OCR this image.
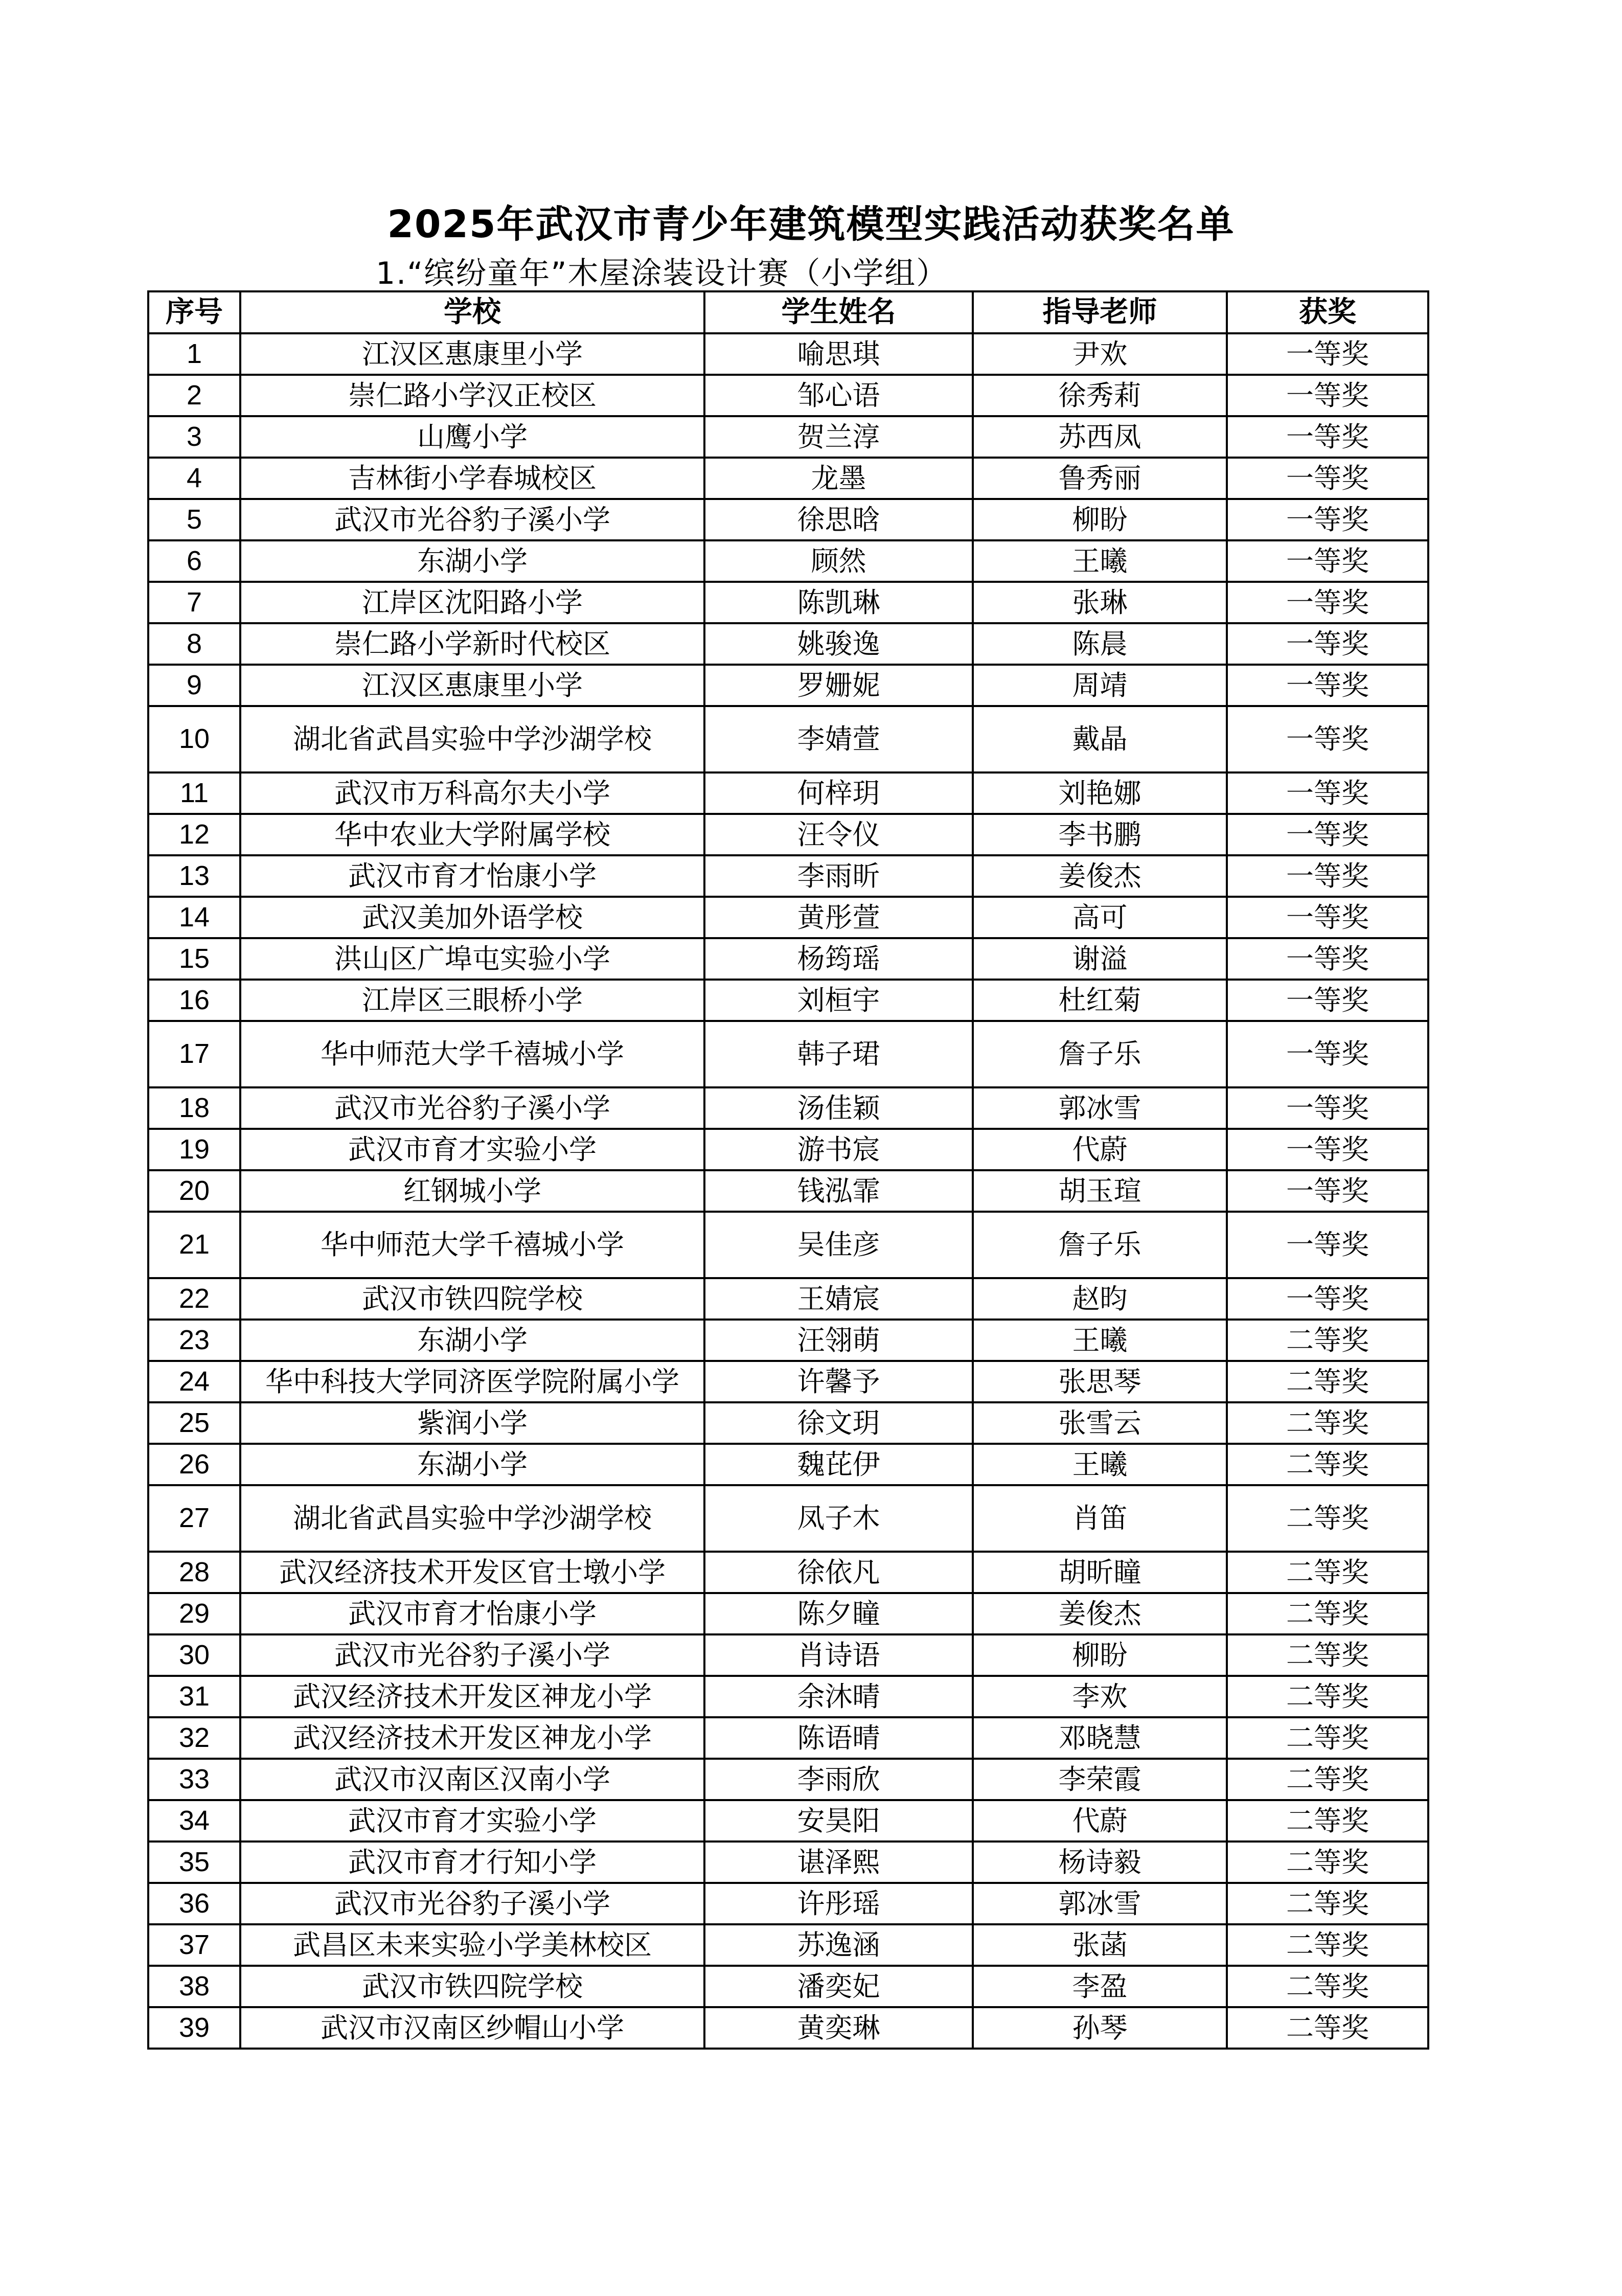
2025年武汉市青少年建筑模型实践活动获奖名单
1.“缤纷童年”木屋涂装设计赛（小学组）
序号	学校	学生姓名	指导老师	获奖
1	江汉区惠康里小学	喻思琪	尹欢	一等奖
2	崇仁路小学汉正校区	邹心语	徐秀莉	一等奖
3	山鹰小学	贺兰淳	苏西凤	一等奖
4	吉林街小学春城校区	龙墨	鲁秀丽	一等奖
5	武汉市光谷豹子溪小学	徐思晗	柳盼	一等奖
6	东湖小学	顾然	王曦	一等奖
7	江岸区沈阳路小学	陈凯琳	张琳	一等奖
8	崇仁路小学新时代校区	姚骏逸	陈晨	一等奖
9	江汉区惠康里小学	罗姗妮	周靖	一等奖
10	湖北省武昌实验中学沙湖学校	李婧萱	戴晶	一等奖
11	武汉市万科高尔夫小学	何梓玥	刘艳娜	一等奖
12	华中农业大学附属学校	汪令仪	李书鹏	一等奖
13	武汉市育才怡康小学	李雨昕	姜俊杰	一等奖
14	武汉美加外语学校	黄彤萱	高可	一等奖
15	洪山区广埠屯实验小学	杨筠瑶	谢溢	一等奖
16	江岸区三眼桥小学	刘桓宇	杜红菊	一等奖
17	华中师范大学千禧城小学	韩子珺	詹子乐	一等奖
18	武汉市光谷豹子溪小学	汤佳颖	郭冰雪	一等奖
19	武汉市育才实验小学	游书宸	代蔚	一等奖
20	红钢城小学	钱泓霏	胡玉瑄	一等奖
21	华中师范大学千禧城小学	吴佳彦	詹子乐	一等奖
22	武汉市铁四院学校	王婧宸	赵昀	一等奖
23	东湖小学	汪翎萌	王曦	二等奖
24	华中科技大学同济医学院附属小学	许馨予	张思琴	二等奖
25	紫润小学	徐文玥	张雪云	二等奖
26	东湖小学	魏芘伊	王曦	二等奖
27	湖北省武昌实验中学沙湖学校	凤子木	肖笛	二等奖
28	武汉经济技术开发区官士墩小学	徐依凡	胡昕瞳	二等奖
29	武汉市育才怡康小学	陈夕瞳	姜俊杰	二等奖
30	武汉市光谷豹子溪小学	肖诗语	柳盼	二等奖
31	武汉经济技术开发区神龙小学	余沐晴	李欢	二等奖
32	武汉经济技术开发区神龙小学	陈语晴	邓晓慧	二等奖
33	武汉市汉南区汉南小学	李雨欣	李荣霞	二等奖
34	武汉市育才实验小学	安昊阳	代蔚	二等奖
35	武汉市育才行知小学	谌泽熙	杨诗毅	二等奖
36	武汉市光谷豹子溪小学	许彤瑶	郭冰雪	二等奖
37	武昌区未来实验小学美林校区	苏逸涵	张菡	二等奖
38	武汉市铁四院学校	潘奕妃	李盈	二等奖
39	武汉市汉南区纱帽山小学	黄奕琳	孙琴	二等奖
